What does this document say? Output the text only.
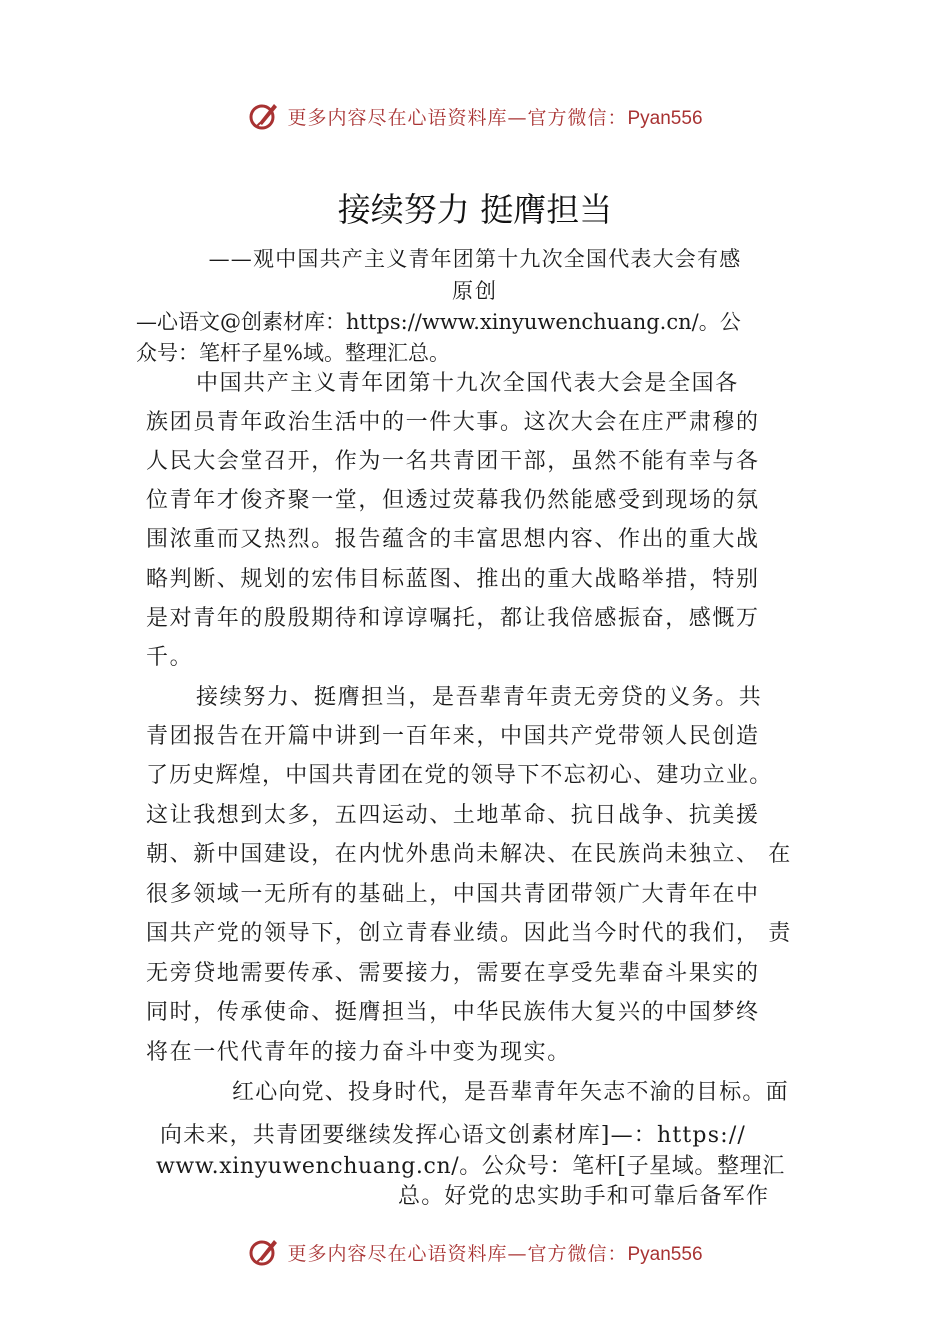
更多内容尽在心语资料库—官方微信：Pyan556
接续努力 挺膺担当
——观中国共产主义青年团第十九次全国代表大会有感
原创
—心语文@创素材库：https://www.xinyuwenchuang.cn/。公
众号：笔杆子星%域。整理汇总。
中国共产主义青年团第十九次全国代表大会是全国各
族团员青年政治生活中的一件大事。这次大会在庄严肃穆的
人民大会堂召开，作为一名共青团干部，虽然不能有幸与各
位青年才俊齐聚一堂，但透过荧幕我仍然能感受到现场的氛
围浓重而又热烈。报告蕴含的丰富思想内容、作出的重大战
略判断、规划的宏伟目标蓝图、推出的重大战略举措，特别
是对青年的殷殷期待和谆谆嘱托，都让我倍感振奋，感慨万
千。
接续努力、挺膺担当，是吾辈青年责无旁贷的义务。共
青团报告在开篇中讲到一百年来，中国共产党带领人民创造
了历史辉煌，中国共青团在党的领导下不忘初心、建功立业。
这让我想到太多，五四运动、土地革命、抗日战争、抗美援
朝、新中国建设，在内忧外患尚未解决、在民族尚未独立、 在
很多领域一无所有的基础上，中国共青团带领广大青年在中
国共产党的领导下，创立青春业绩。因此当今时代的我们， 责
无旁贷地需要传承、需要接力，需要在享受先辈奋斗果实的
同时，传承使命、挺膺担当，中华民族伟大复兴的中国梦终
将在一代代青年的接力奋斗中变为现实。
红心向党、投身时代，是吾辈青年矢志不渝的目标。面
向未来，共青团要继续发挥心语文创素材库]—：https://
www.xinyuwenchuang.cn/。公众号：笔杆[子星域。整理汇
总。好党的忠实助手和可靠后备军作
更多内容尽在心语资料库—官方微信：Pyan556
